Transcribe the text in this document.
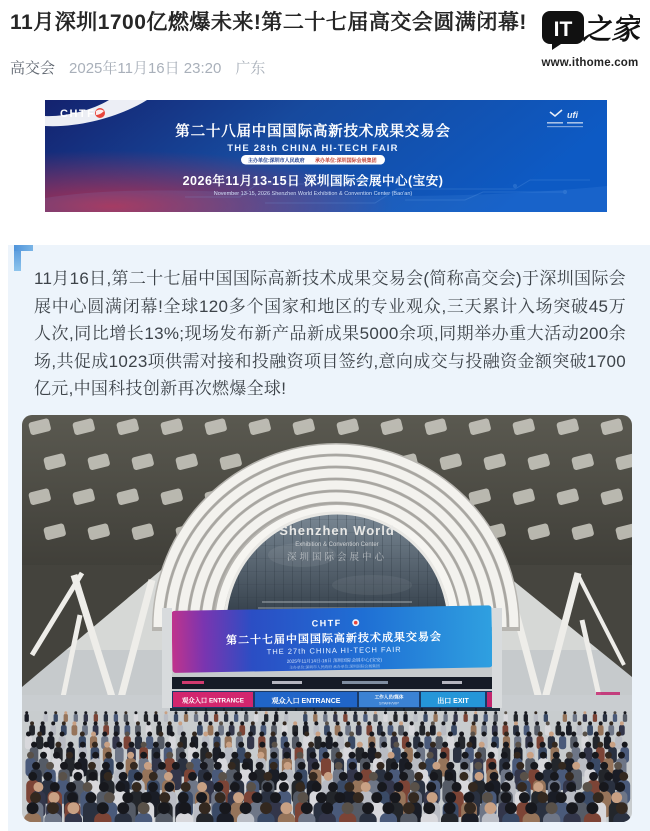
11月深圳1700亿燃爆未来!第二十七届高交会圆满闭幕!
高交会 2025年11月16日 23:20 广东
IT 之家
www.ithome.com
CHTF	ufi
第二十八届中国国际高新技术成果交易会
THE 28th CHINA HI-TECH FAIR
主办单位:深圳市人民政府 承办单位:深圳国际会展集团
2026年11月13-15日 深圳国际会展中心(宝安)
November 13-15, 2026 Shenzhen World Exhibition & Convention Center (Bao'an)

11月16日,第二十七届中国国际高新技术成果交易会(简称高交会)于深圳国际会展中心圆满闭幕!全球120多个国家和地区的专业观众,三天累计入场突破45万人次,同比增长13%;现场发布新产品新成果5000余项,同期举办重大活动200余场,共促成1023项供需对接和投融资项目签约,意向成交与投融资金额突破1700亿元,中国科技创新再次燃爆全球!

Shenzhen World
Exhibition & Convention Center
深圳国际会展中心
CHTF
第二十七届中国国际高新技术成果交易会
THE 27th CHINA HI-TECH FAIR
2025年11月14日-16日 深圳国际会展中心(宝安)
主办单位:深圳市人民政府 承办单位:深圳国际会展集团
观众入口 ENTRANCE	观众入口 ENTRANCE
工作人员/媒体
STAFF/VIP	出口 EXIT
